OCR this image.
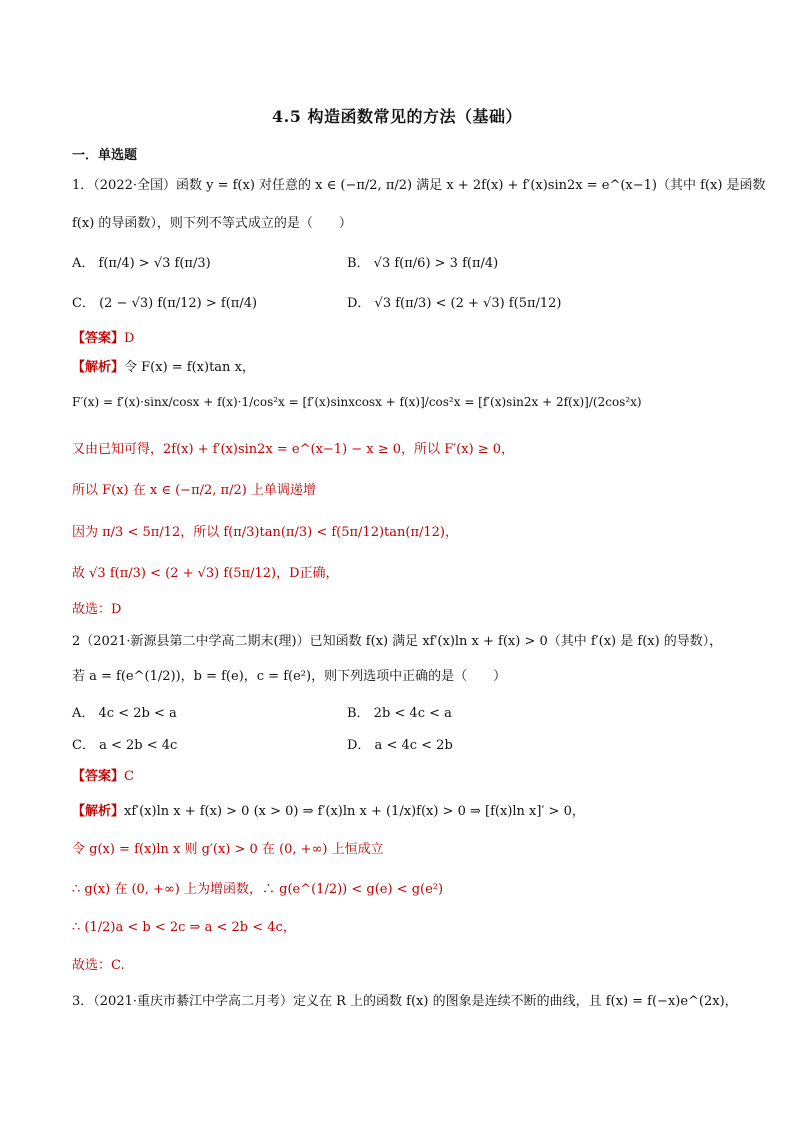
4.5 构造函数常见的方法（基础）
一．单选题
1．（2022·全国）函数 y = f(x) 对任意的 x ∈ (−π/2, π/2) 满足 x + 2f(x) + f′(x)sin2x = e^(x−1)（其中 f(x) 是函数
f(x) 的导函数），则下列不等式成立的是（　　）
A． f(π/4) > √3 f(π/3)	B． √3 f(π/6) > 3 f(π/4)
C． (2 − √3) f(π/12) > f(π/4)	D． √3 f(π/3) < (2 + √3) f(5π/12)
【答案】D
【解析】令 F(x) = f(x)tan x，
F′(x) = f′(x)·sinx/cosx + f(x)·1/cos²x = [f′(x)sinxcosx + f(x)]/cos²x = [f′(x)sin2x + 2f(x)]/(2cos²x)
又由已知可得，2f(x) + f′(x)sin2x = e^(x−1) − x ≥ 0，所以 F′(x) ≥ 0，
所以 F(x) 在 x ∈ (−π/2, π/2) 上单调递增
因为 π/3 < 5π/12，所以 f(π/3)tan(π/3) < f(5π/12)tan(π/12)，
故 √3 f(π/3) < (2 + √3) f(5π/12)，D正确，
故选：D
2（2021·新源县第二中学高二期末(理)）已知函数 f(x) 满足 xf′(x)ln x + f(x) > 0（其中 f′(x) 是 f(x) 的导数），
若 a = f(e^(1/2))，b = f(e)，c = f(e²)，则下列选项中正确的是（　　）
A． 4c < 2b < a	B． 2b < 4c < a
C． a < 2b < 4c	D． a < 4c < 2b
【答案】C
【解析】xf′(x)ln x + f(x) > 0 (x > 0) ⇒ f′(x)ln x + (1/x)f(x) > 0 ⇒ [f(x)ln x]′ > 0，
令 g(x) = f(x)ln x 则 g′(x) > 0 在 (0, +∞) 上恒成立
∴ g(x) 在 (0, +∞) 上为增函数，∴ g(e^(1/2)) < g(e) < g(e²)
∴ (1/2)a < b < 2c ⇒ a < 2b < 4c，
故选：C.
3．（2021·重庆市綦江中学高二月考）定义在 R 上的函数 f(x) 的图象是连续不断的曲线，且 f(x) = f(−x)e^(2x)，
